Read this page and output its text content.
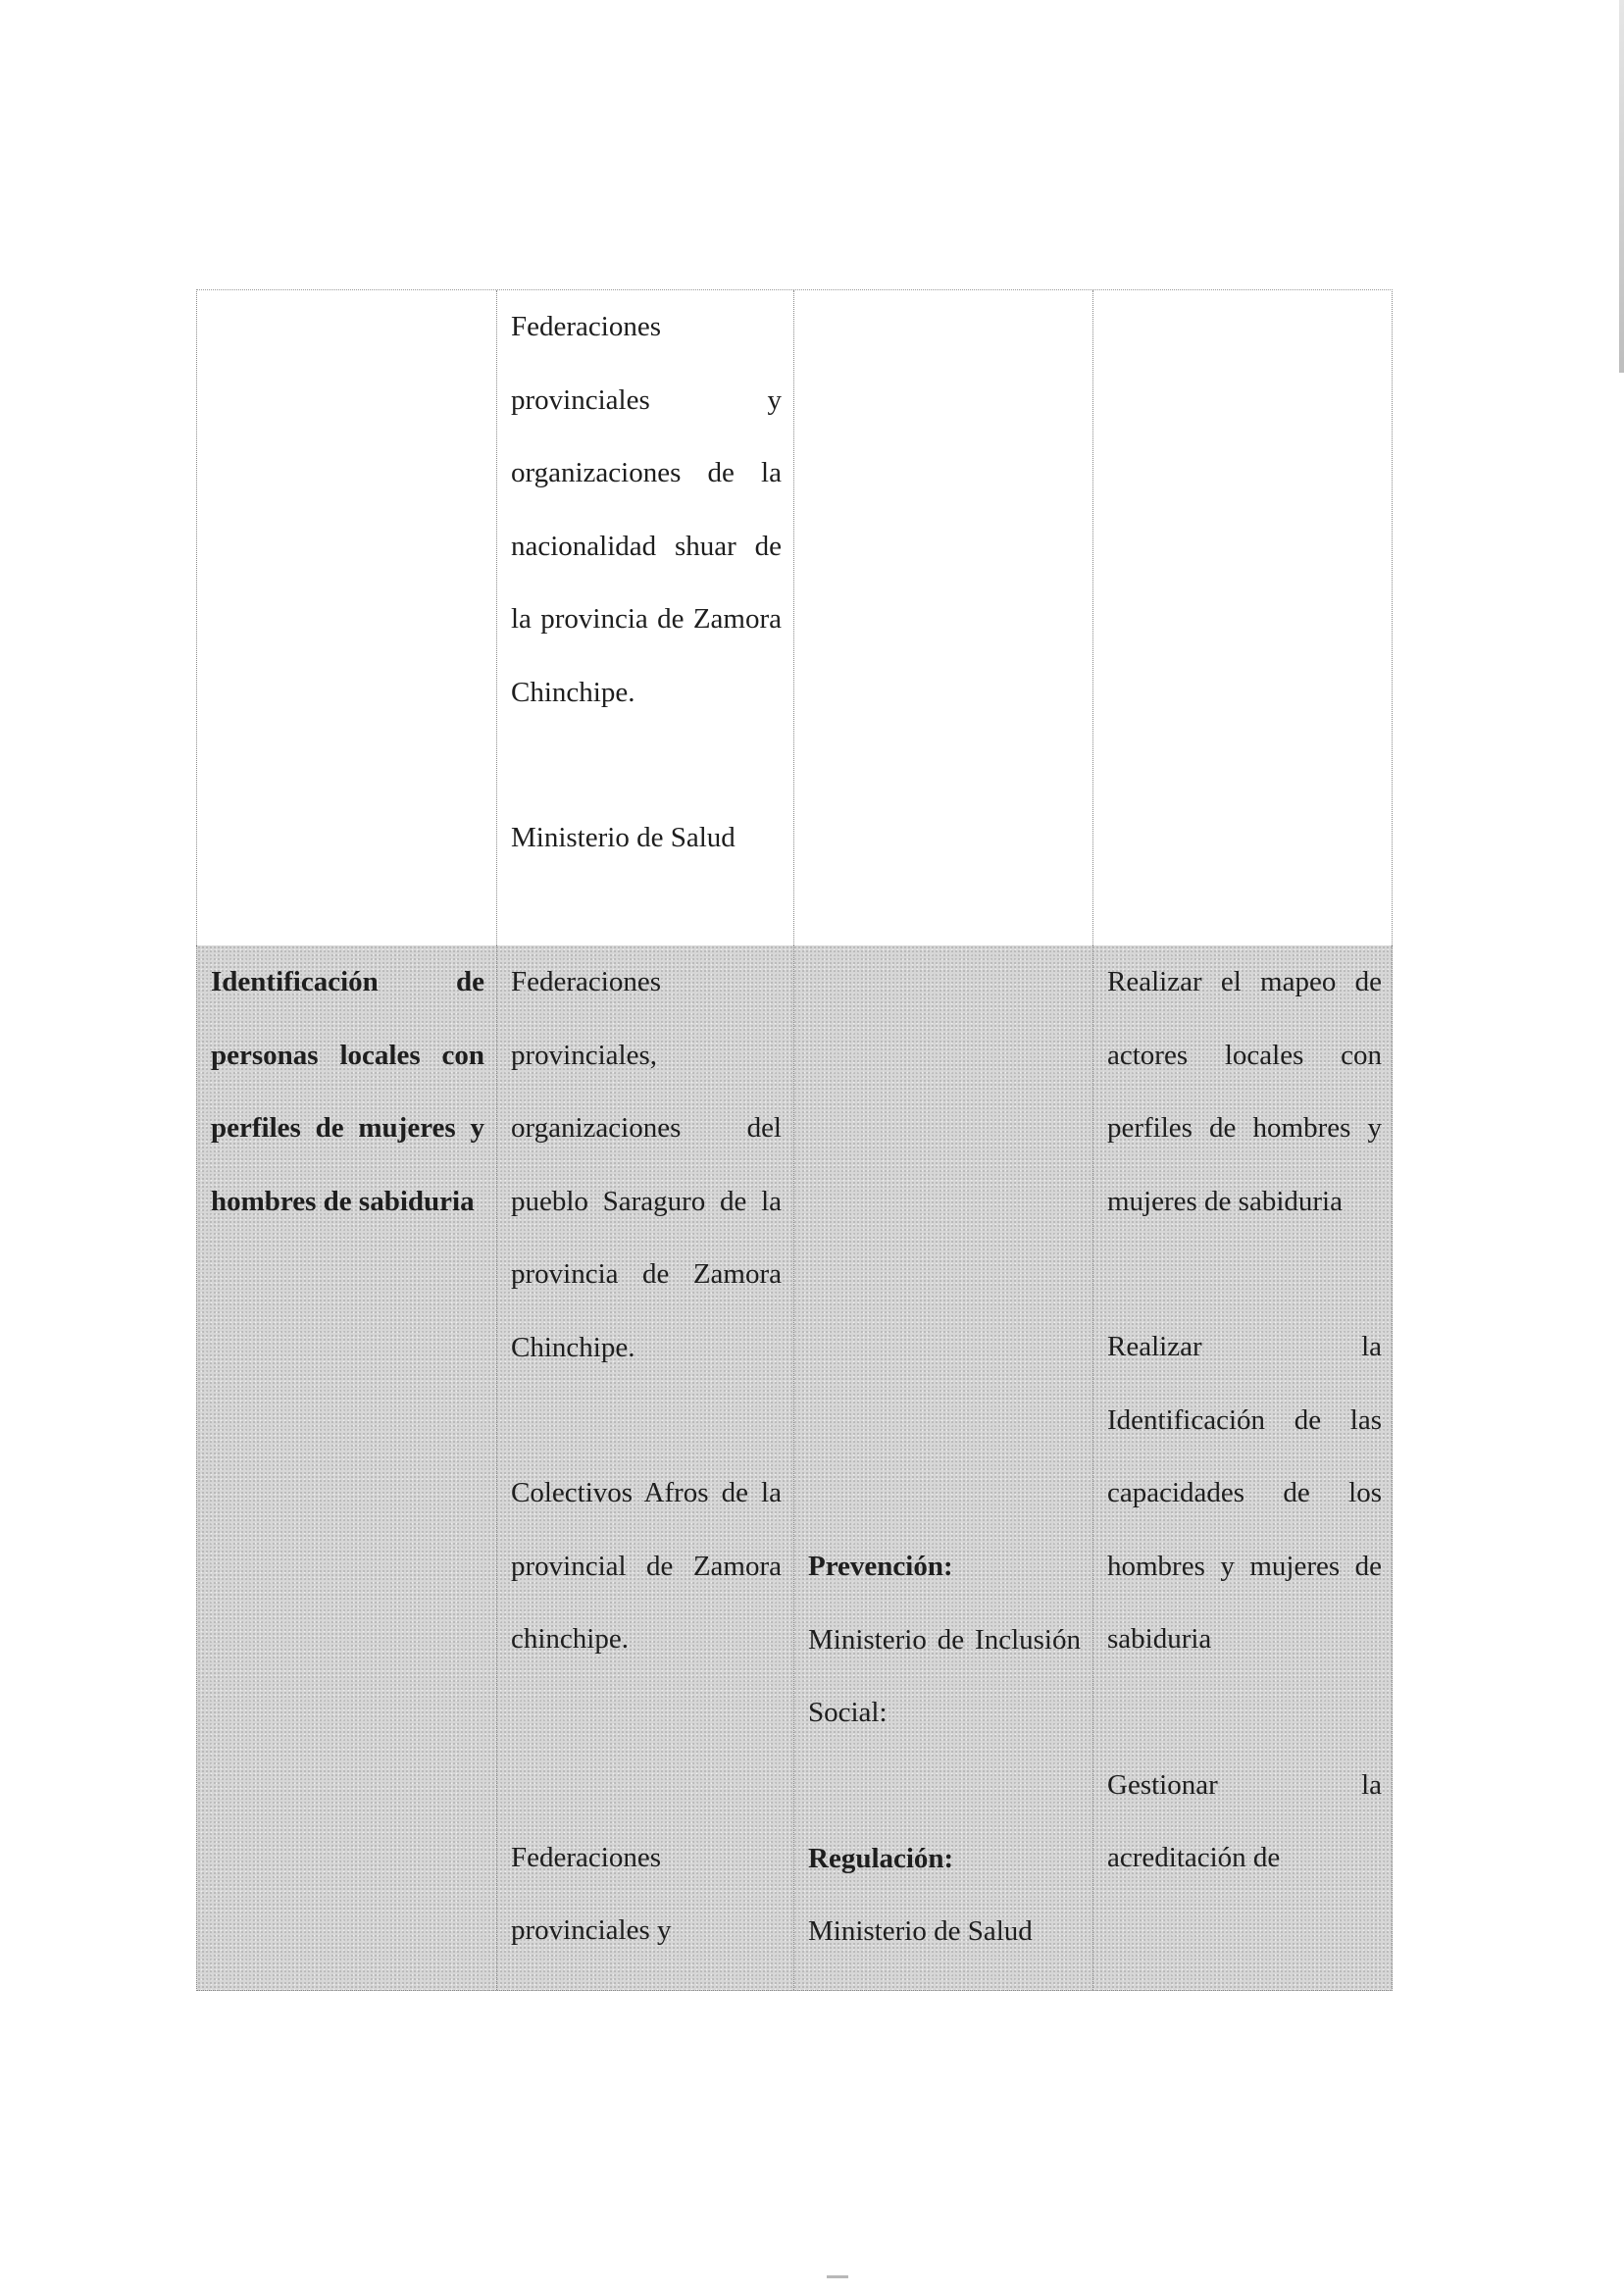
Federaciones provinciales y organizaciones de la nacionalidad shuar de la provincia de Zamora Chinchipe.

Ministerio de Salud

Identificación de personas locales con perfiles de mujeres y hombres de sabiduria

Federaciones provinciales, organizaciones del pueblo Saraguro de la provincia de Zamora Chinchipe.

Colectivos Afros de la provincial de Zamora chinchipe.

Federaciones provinciales y

Prevención:

Ministerio de Inclusión Social:

Regulación:

Ministerio de Salud

Realizar el mapeo de actores locales con perfiles de hombres y mujeres de sabiduria

Realizar la Identificación de las capacidades de los hombres y mujeres de sabiduria

Gestionar la acreditación de
